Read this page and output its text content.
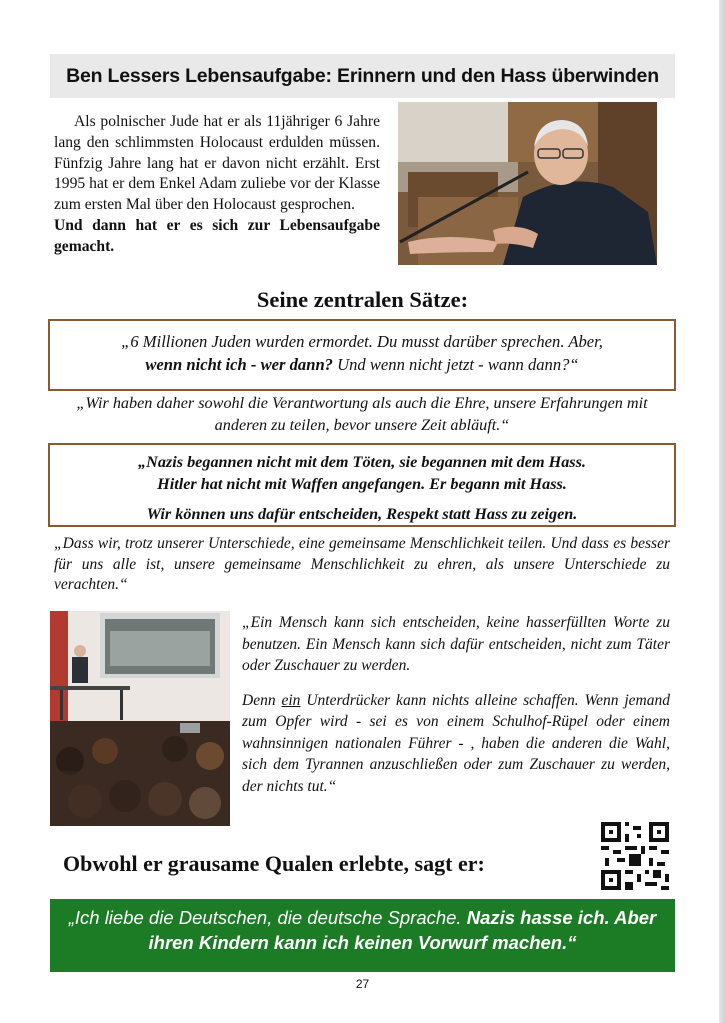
Ben Lessers Lebensaufgabe: Erinnern und den Hass überwinden
Als polnischer Jude hat er als 11jähriger 6 Jahre lang den schlimmsten Holocaust erdulden müssen. Fünfzig Jahre lang hat er davon nicht erzählt. Erst 1995 hat er dem Enkel Adam zuliebe vor der Klasse zum ersten Mal über den Holocaust gesprochen.
Und dann hat er es sich zur Lebensaufgabe gemacht.
Seine zentralen Sätze:
„6 Millionen Juden wurden ermordet. Du musst darüber sprechen. Aber,
wenn nicht ich - wer dann? Und wenn nicht jetzt - wann dann?“
„Wir haben daher sowohl die Verantwortung als auch die Ehre, unsere Erfahrungen mit anderen zu teilen, bevor unsere Zeit abläuft.“
„Nazis begannen nicht mit dem Töten, sie begannen mit dem Hass.
Hitler hat nicht mit Waffen angefangen. Er begann mit Hass.
Wir können uns dafür entscheiden, Respekt statt Hass zu zeigen.
„Dass wir, trotz unserer Unterschiede, eine gemeinsame Menschlichkeit teilen. Und dass es besser für uns alle ist, unsere gemeinsame Menschlichkeit zu ehren, als unsere Unterschiede zu verachten.“

„Ein Mensch kann sich entscheiden, keine hasserfüllten Worte zu benutzen. Ein Mensch kann sich dafür entscheiden, nicht zum Täter oder Zuschauer zu werden.

Denn ein Unterdrücker kann nichts alleine schaffen. Wenn jemand zum Opfer wird - sei es von einem Schulhof-Rüpel oder einem wahnsinnigen nationalen Führer - , haben die anderen die Wahl, sich dem Tyrannen anzuschließen oder zum Zuschauer zu werden, der nichts tut.“

Obwohl er grausame Qualen erlebte, sagt er:
„Ich liebe die Deutschen, die deutsche Sprache. Nazis hasse ich. Aber ihren Kindern kann ich keinen Vorwurf machen.“
27
